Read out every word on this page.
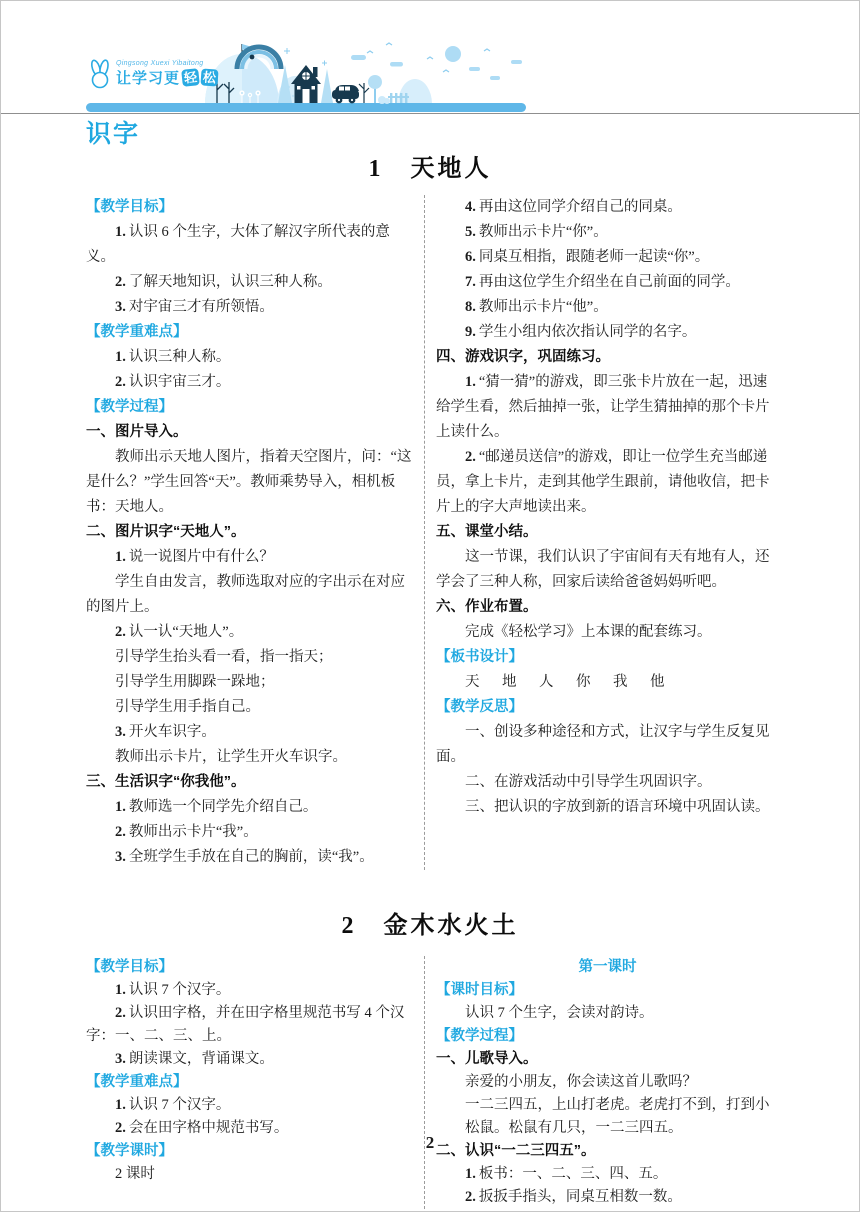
Qingsong Xuexi Yibaitong
让学习更 轻 松
识字
1　天地人
【教学目标】
1. 认识 6 个生字，大体了解汉字所代表的意义。
2. 了解天地知识，认识三种人称。
3. 对宇宙三才有所领悟。
【教学重难点】
1. 认识三种人称。
2. 认识宇宙三才。
【教学过程】
一、图片导入。
教师出示天地人图片，指着天空图片，问：“这是什么？”学生回答“天”。教师乘势导入，相机板书：天地人。
二、图片识字“天地人”。
1. 说一说图片中有什么？
学生自由发言，教师选取对应的字出示在对应的图片上。
2. 认一认“天地人”。
引导学生抬头看一看，指一指天；
引导学生用脚跺一跺地；
引导学生用手指自己。
3. 开火车识字。
教师出示卡片，让学生开火车识字。
三、生活识字“你我他”。
1. 教师选一个同学先介绍自己。
2. 教师出示卡片“我”。
3. 全班学生手放在自己的胸前，读“我”。
4. 再由这位同学介绍自己的同桌。
5. 教师出示卡片“你”。
6. 同桌互相指，跟随老师一起读“你”。
7. 再由这位学生介绍坐在自己前面的同学。
8. 教师出示卡片“他”。
9. 学生小组内依次指认同学的名字。
四、游戏识字，巩固练习。
1. “猜一猜”的游戏，即三张卡片放在一起，迅速给学生看，然后抽掉一张，让学生猜抽掉的那个卡片上读什么。
2. “邮递员送信”的游戏，即让一位学生充当邮递员，拿上卡片，走到其他学生跟前，请他收信，把卡片上的字大声地读出来。
五、课堂小结。
这一节课，我们认识了宇宙间有天有地有人，还学会了三种人称，回家后读给爸爸妈妈听吧。
六、作业布置。
完成《轻松学习》上本课的配套练习。
【板书设计】
天　地　人　你　我　他
【教学反思】
一、创设多种途径和方式，让汉字与学生反复见面。
二、在游戏活动中引导学生巩固识字。
三、把认识的字放到新的语言环境中巩固认读。
2　金木水火土
【教学目标】
1. 认识 7 个汉字。
2. 认识田字格，并在田字格里规范书写 4 个汉字：一、二、三、上。
3. 朗读课文，背诵课文。
【教学重难点】
1. 认识 7 个汉字。
2. 会在田字格中规范书写。
【教学课时】
2 课时
第一课时
【课时目标】
认识 7 个生字，会读对韵诗。
【教学过程】
一、儿歌导入。
亲爱的小朋友，你会读这首儿歌吗？
一二三四五，上山打老虎。老虎打不到，打到小松鼠。松鼠有几只，一二三四五。
二、认识“一二三四五”。
1. 板书：一、二、三、四、五。
2. 扳扳手指头，同桌互相数一数。
2
